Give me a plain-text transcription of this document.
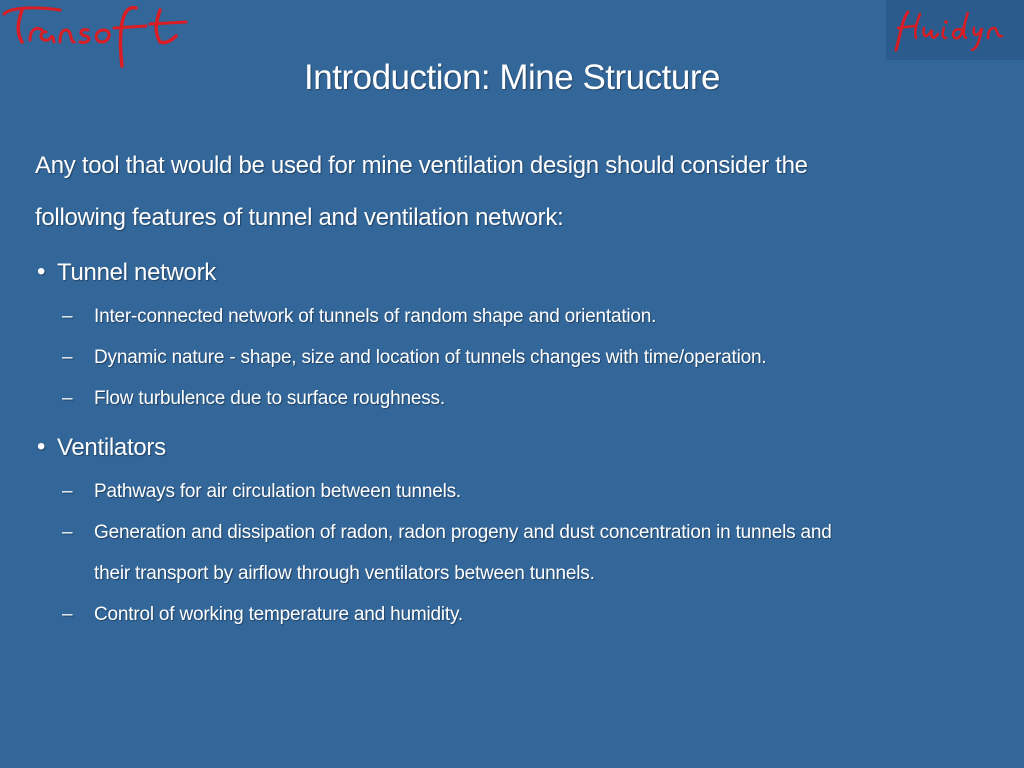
Introduction: Mine Structure

Any tool that would be used for mine ventilation design should consider the

following features of tunnel and ventilation network:

• Tunnel network
– Inter-connected network of tunnels of random shape and orientation.
– Dynamic nature - shape, size and location of tunnels changes with time/operation.
– Flow turbulence due to surface roughness.
• Ventilators
– Pathways for air circulation between tunnels.
– Generation and dissipation of radon, radon progeny and dust concentration in tunnels and
their transport by airflow through ventilators between tunnels.
– Control of working temperature and humidity.
